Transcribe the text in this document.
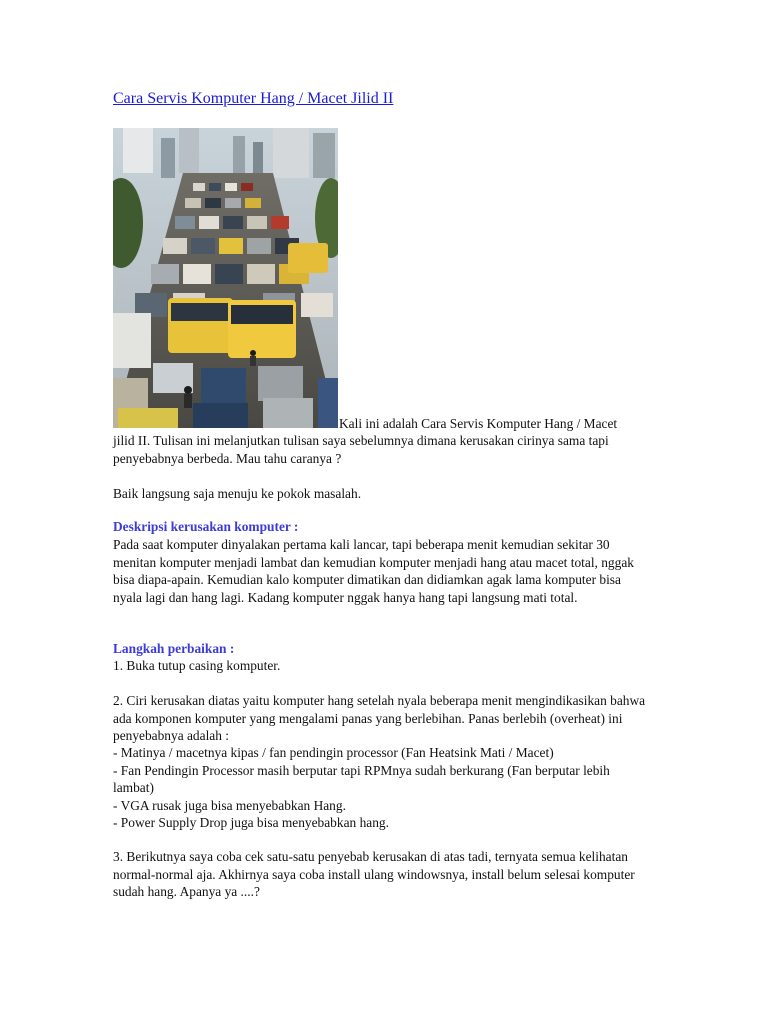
Cara Servis Komputer Hang / Macet Jilid II
Kali ini adalah Cara Servis Komputer Hang / Macet

jilid II. Tulisan ini melanjutkan tulisan saya sebelumnya dimana kerusakan cirinya sama tapi penyebabnya berbeda. Mau tahu caranya ?

Baik langsung saja menuju ke pokok masalah.

Deskripsi kerusakan komputer :

Pada saat komputer dinyalakan pertama kali lancar, tapi beberapa menit kemudian sekitar 30 menitan komputer menjadi lambat dan kemudian komputer menjadi hang atau macet total, nggak bisa diapa-apain. Kemudian kalo komputer dimatikan dan didiamkan agak lama komputer bisa nyala lagi dan hang lagi. Kadang komputer nggak hanya hang tapi langsung mati total.

Langkah perbaikan :

1. Buka tutup casing komputer.

2. Ciri kerusakan diatas yaitu komputer hang setelah nyala beberapa menit mengindikasikan bahwa ada komponen komputer yang mengalami panas yang berlebihan. Panas berlebih (overheat) ini penyebabnya adalah :

- Matinya / macetnya kipas / fan pendingin processor (Fan Heatsink Mati / Macet)

- Fan Pendingin Processor masih berputar tapi RPMnya sudah berkurang (Fan berputar lebih lambat)

- VGA rusak juga bisa menyebabkan Hang.

- Power Supply Drop juga bisa menyebabkan hang.

3. Berikutnya saya coba cek satu-satu penyebab kerusakan di atas tadi, ternyata semua kelihatan normal-normal aja. Akhirnya saya coba install ulang windowsnya, install belum selesai komputer sudah hang. Apanya ya ....?
